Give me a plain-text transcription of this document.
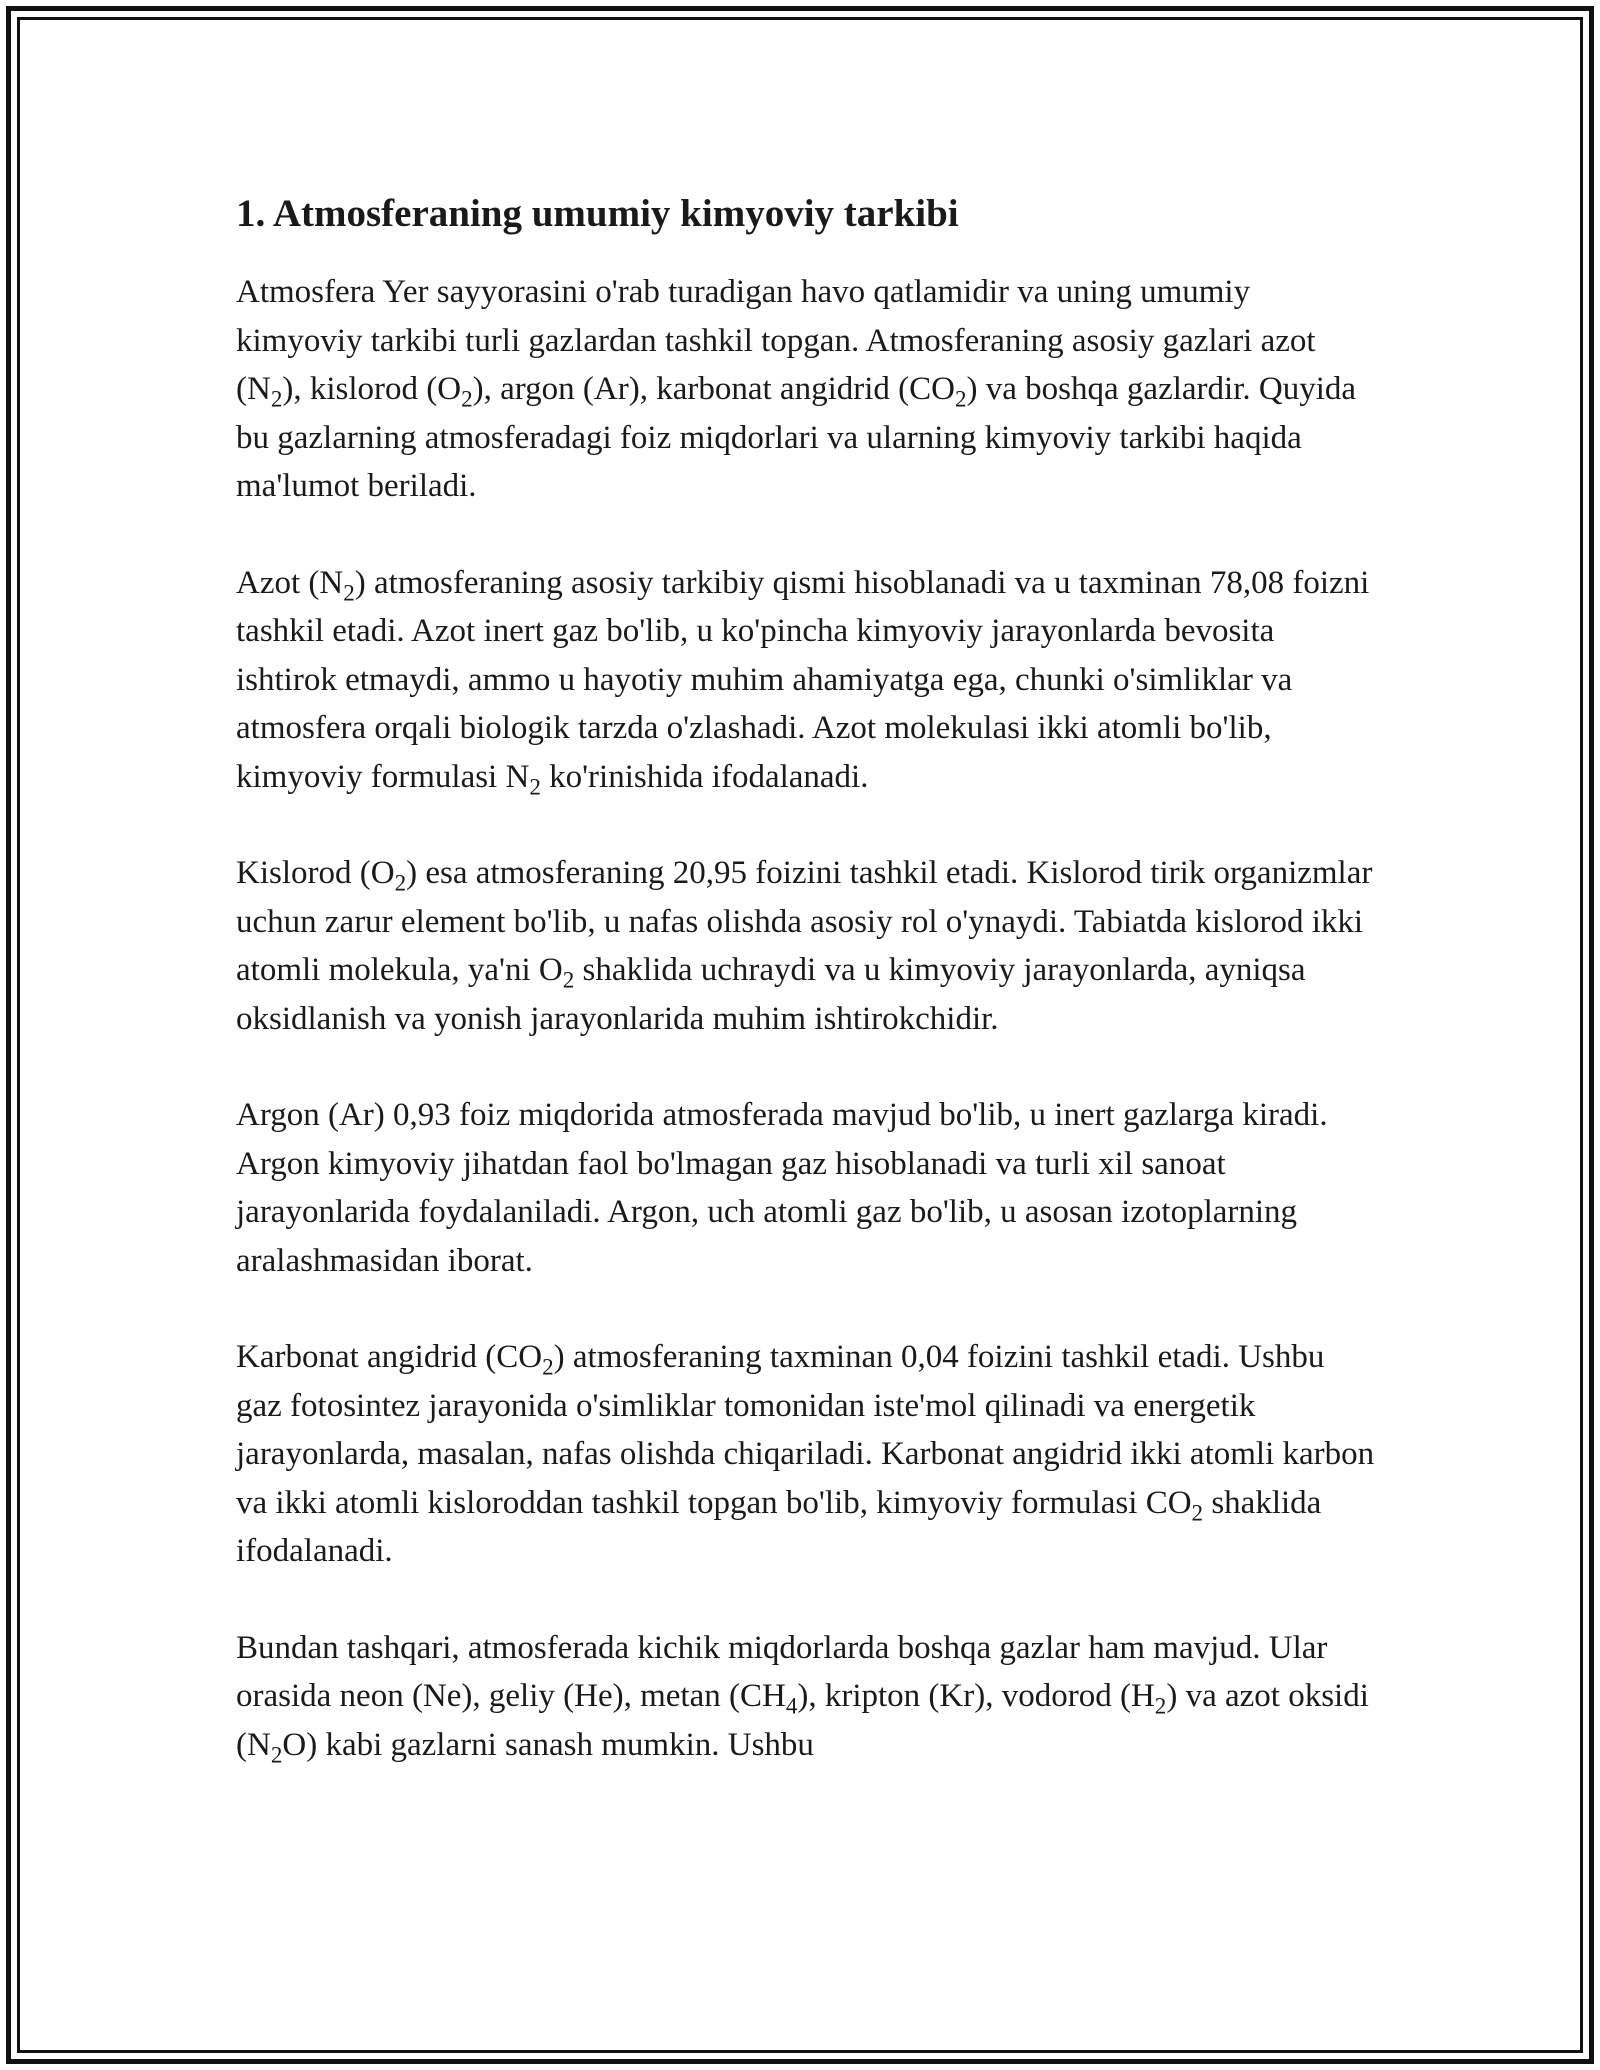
1. Atmosferaning umumiy kimyoviy tarkibi

Atmosfera Yer sayyorasini o'rab turadigan havo qatlamidir va uning umumiy kimyoviy tarkibi turli gazlardan tashkil topgan. Atmosferaning asosiy gazlari azot $(N_2)$, kislorod $(O_2)$, argon (Ar), karbonat angidrid $(CO_2)$ va boshqa gazlardir. Quyida bu gazlarning atmosferadagi foiz miqdorlari va ularning kimyoviy tarkibi haqida ma'lumot beriladi.

Azot $(N_2)$ atmosferaning asosiy tarkibiy qismi hisoblanadi va u taxminan 78,08 foizni tashkil etadi. Azot inert gaz bo'lib, u ko'pincha kimyoviy jarayonlarda bevosita ishtirok etmaydi, ammo u hayotiy muhim ahamiyatga ega, chunki o'simliklar va atmosfera orqali biologik tarzda o'zlashadi. Azot molekulasi ikki atomli bo'lib, kimyoviy formulasi $N_2$ ko'rinishida ifodalanadi.

Kislorod $(O_2)$ esa atmosferaning 20,95 foizini tashkil etadi. Kislorod tirik organizmlar uchun zarur element bo'lib, u nafas olishda asosiy rol o'ynaydi. Tabiatda kislorod ikki atomli molekula, ya'ni $O_2$ shaklida uchraydi va u kimyoviy jarayonlarda, ayniqsa oksidlanish va yonish jarayonlarida muhim ishtirokchidir.

Argon (Ar) 0,93 foiz miqdorida atmosferada mavjud bo'lib, u inert gazlarga kiradi. Argon kimyoviy jihatdan faol bo'lmagan gaz hisoblanadi va turli xil sanoat jarayonlarida foydalaniladi. Argon, uch atomli gaz bo'lib, u asosan izotoplarning aralashmasidan iborat.

Karbonat angidrid $(CO_2)$ atmosferaning taxminan 0,04 foizini tashkil etadi. Ushbu gaz fotosintez jarayonida o'simliklar tomonidan iste'mol qilinadi va energetik jarayonlarda, masalan, nafas olishda chiqariladi. Karbonat angidrid ikki atomli karbon va ikki atomli kisloroddan tashkil topgan bo'lib, kimyoviy formulasi $CO_2$ shaklida ifodalanadi.

Bundan tashqari, atmosferada kichik miqdorlarda boshqa gazlar ham mavjud. Ular orasida neon (Ne), geliy (He), metan $(CH_4)$, kripton (Kr), vodorod $(H_2)$ va azot oksidi $(N_2O)$ kabi gazlarni sanash mumkin. Ushbu
